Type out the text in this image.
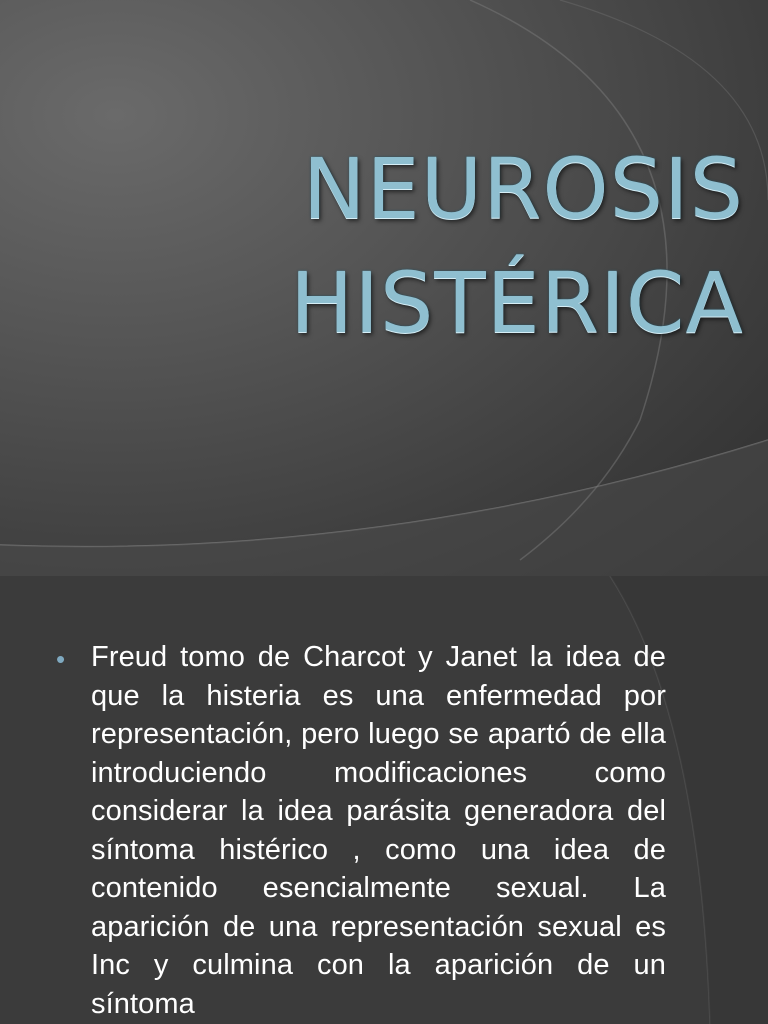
NEUROSIS
HISTÉRICA
• Freud tomo de Charcot y Janet la idea de que la histeria es una enfermedad por representación, pero luego se apartó de ella introduciendo modificaciones como considerar la idea parásita generadora del síntoma histérico , como una idea de contenido esencialmente sexual. La aparición de una representación sexual es Inc y culmina con la aparición de un síntoma
